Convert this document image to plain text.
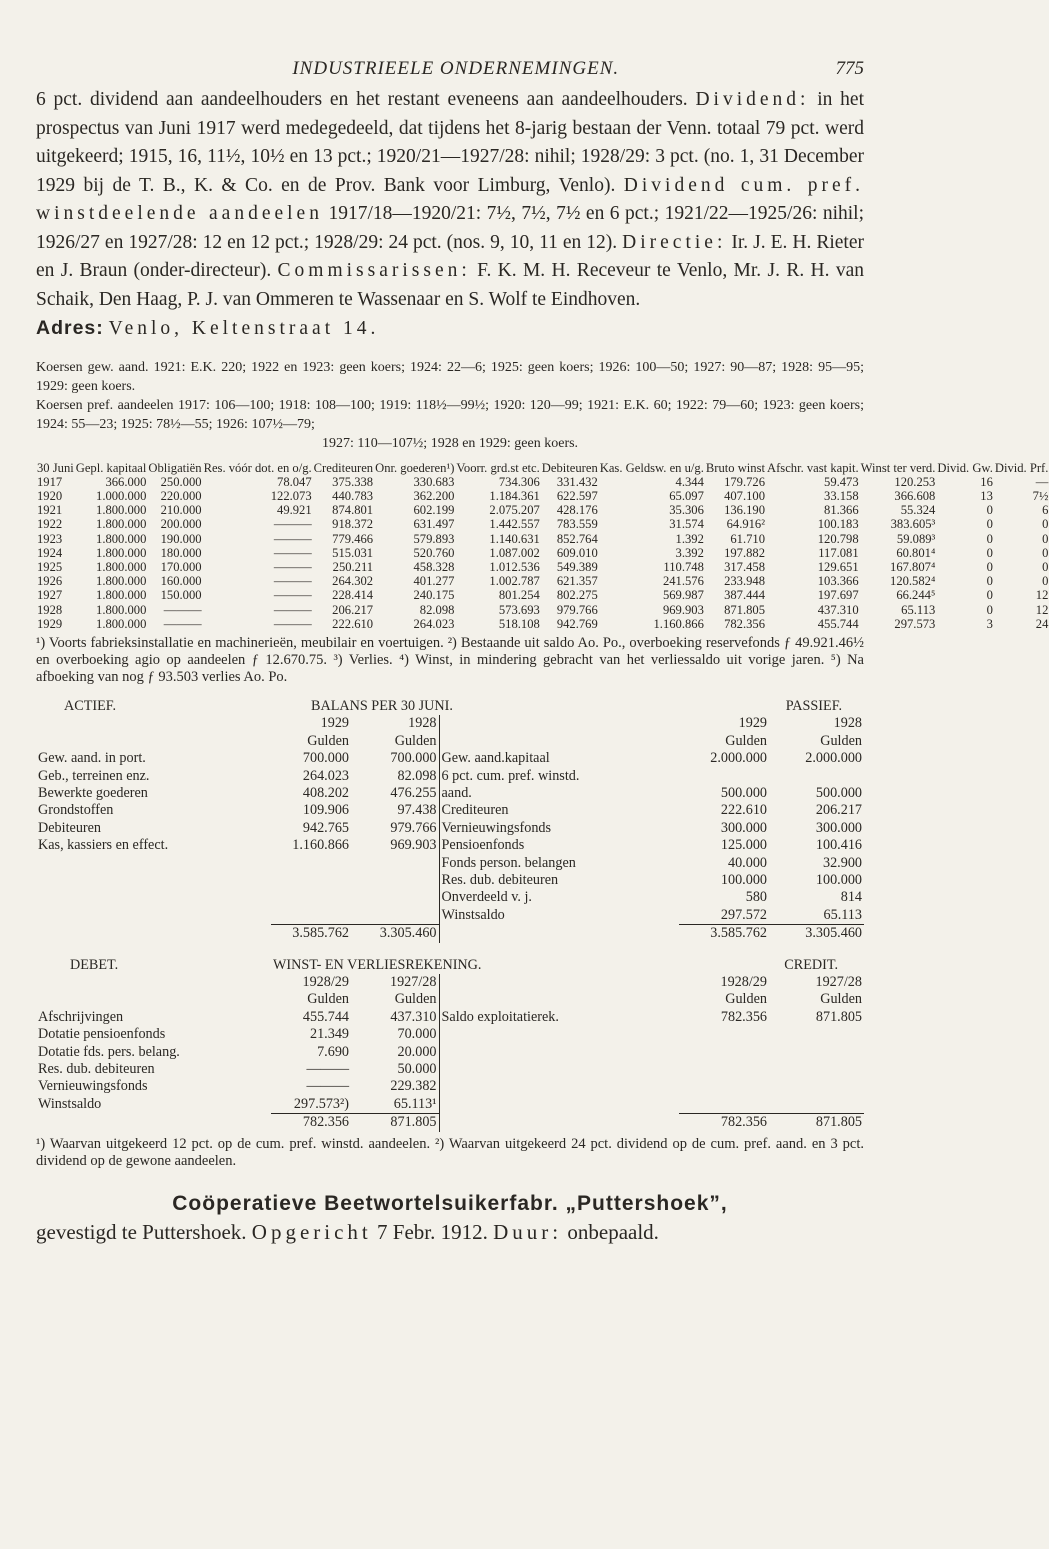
INDUSTRIEELE ONDERNEMINGEN.	775
6 pct. dividend aan aandeelhouders en het restant eveneens aan aandeelhouders. Dividend: in het prospectus van Juni 1917 werd medegedeeld, dat tijdens het 8-jarig bestaan der Venn. totaal 79 pct. werd uitgekeerd; 1915, 16, 11½, 10½ en 13 pct.; 1920/21—1927/28: nihil; 1928/29: 3 pct. (no. 1, 31 December 1929 bij de T. B., K. & Co. en de Prov. Bank voor Limburg, Venlo). Dividend cum. pref. winstdeelende aandeelen 1917/18—1920/21: 7½, 7½, 7½ en 6 pct.; 1921/22—1925/26: nihil; 1926/27 en 1927/28: 12 en 12 pct.; 1928/29: 24 pct. (nos. 9, 10, 11 en 12). Directie: Ir. J. E. H. Rieter en J. Braun (onder-directeur). Commissarissen: F. K. M. H. Receveur te Venlo, Mr. J. R. H. van Schaik, Den Haag, P. J. van Ommeren te Wassenaar en S. Wolf te Eindhoven.
Adres: Venlo, Keltenstraat 14.

Koersen gew. aand. 1921: E.K. 220; 1922 en 1923: geen koers; 1924: 22—6; 1925: geen koers; 1926: 100—50; 1927: 90—87; 1928: 95—95; 1929: geen koers.

Koersen pref. aandeelen 1917: 106—100; 1918: 108—100; 1919: 118½—99½; 1920: 120—99; 1921: E.K. 60; 1922: 79—60; 1923: geen koers; 1924: 55—23; 1925: 78½—55; 1926: 107½—79;

1927: 110—107½; 1928 en 1929: geen koers.

30 Juni	Gepl. kapitaal	Obligatiën	Res. vóór dot. en o/g.	Crediteuren	Onr. goederen¹)	Voorr. grd.st etc.	Debiteuren	Kas. Geldsw. en u/g.	Bruto winst	Afschr. vast kapit.	Winst ter verd.	Divid. Gw.	Divid. Prf.
1917	366.000	250.000	78.047	375.338	330.683	734.306	331.432	4.344	179.726	59.473	120.253	16	—
1920	1.000.000	220.000	122.073	440.783	362.200	1.184.361	622.597	65.097	407.100	33.158	366.608	13	7½
1921	1.800.000	210.000	49.921	874.801	602.199	2.075.207	428.176	35.306	136.190	81.366	55.324	0	6
1922	1.800.000	200.000	———	918.372	631.497	1.442.557	783.559	31.574	64.916²	100.183	383.605³	0	0
1923	1.800.000	190.000	———	779.466	579.893	1.140.631	852.764	1.392	61.710	120.798	59.089³	0	0
1924	1.800.000	180.000	———	515.031	520.760	1.087.002	609.010	3.392	197.882	117.081	60.801⁴	0	0
1925	1.800.000	170.000	———	250.211	458.328	1.012.536	549.389	110.748	317.458	129.651	167.807⁴	0	0
1926	1.800.000	160.000	———	264.302	401.277	1.002.787	621.357	241.576	233.948	103.366	120.582⁴	0	0
1927	1.800.000	150.000	———	228.414	240.175	801.254	802.275	569.987	387.444	197.697	66.244⁵	0	12
1928	1.800.000	———	———	206.217	82.098	573.693	979.766	969.903	871.805	437.310	65.113	0	12
1929	1.800.000	———	———	222.610	264.023	518.108	942.769	1.160.866	782.356	455.744	297.573	3	24
¹) Voorts fabrieksinstallatie en machinerieën, meubilair en voertuigen. ²) Bestaande uit saldo Ao. Po., overboeking reservefonds ƒ 49.921.46½ en overboeking agio op aandeelen ƒ 12.670.75. ³) Verlies. ⁴) Winst, in mindering gebracht van het verliessaldo uit vorige jaren. ⁵) Na afboeking van nog ƒ 93.503 verlies Ao. Po.
ACTIEF.	BALANS PER 30 JUNI.			PASSIEF.	
	1929	1928		1929	1928
	Gulden	Gulden		Gulden	Gulden
Gew. aand. in port.	700.000	700.000	Gew. aand.kapitaal	2.000.000	2.000.000
Geb., terreinen enz.	264.023	82.098	6 pct. cum. pref. winstd.		
Bewerkte goederen	408.202	476.255	aand.	500.000	500.000
Grondstoffen	109.906	97.438	Crediteuren	222.610	206.217
Debiteuren	942.765	979.766	Vernieuwingsfonds	300.000	300.000
Kas, kassiers en effect.	1.160.866	969.903	Pensioenfonds	125.000	100.416
			Fonds person. belangen	40.000	32.900
			Res. dub. debiteuren	100.000	100.000
			Onverdeeld v. j.	580	814
			Winstsaldo	297.572	65.113
	3.585.762	3.305.460		3.585.762	3.305.460
DEBET.	WINST- EN VERLIESREKENING.			CREDIT.	
	1928/29	1927/28		1928/29	1927/28
	Gulden	Gulden		Gulden	Gulden
Afschrijvingen	455.744	437.310	Saldo exploitatierek.	782.356	871.805
Dotatie pensioenfonds	21.349	70.000			
Dotatie fds. pers. belang.	7.690	20.000			
Res. dub. debiteuren	———	50.000			
Vernieuwingsfonds	———	229.382			
Winstsaldo	297.573²)	65.113¹			
	782.356	871.805		782.356	871.805
¹) Waarvan uitgekeerd 12 pct. op de cum. pref. winstd. aandeelen. ²) Waarvan uitgekeerd 24 pct. dividend op de cum. pref. aand. en 3 pct. dividend op de gewone aandeelen.
Coöperatieve Beetwortelsuikerfabr. „Puttershoek”,
gevestigd te Puttershoek. Opgericht 7 Febr. 1912. Duur: onbepaald.
